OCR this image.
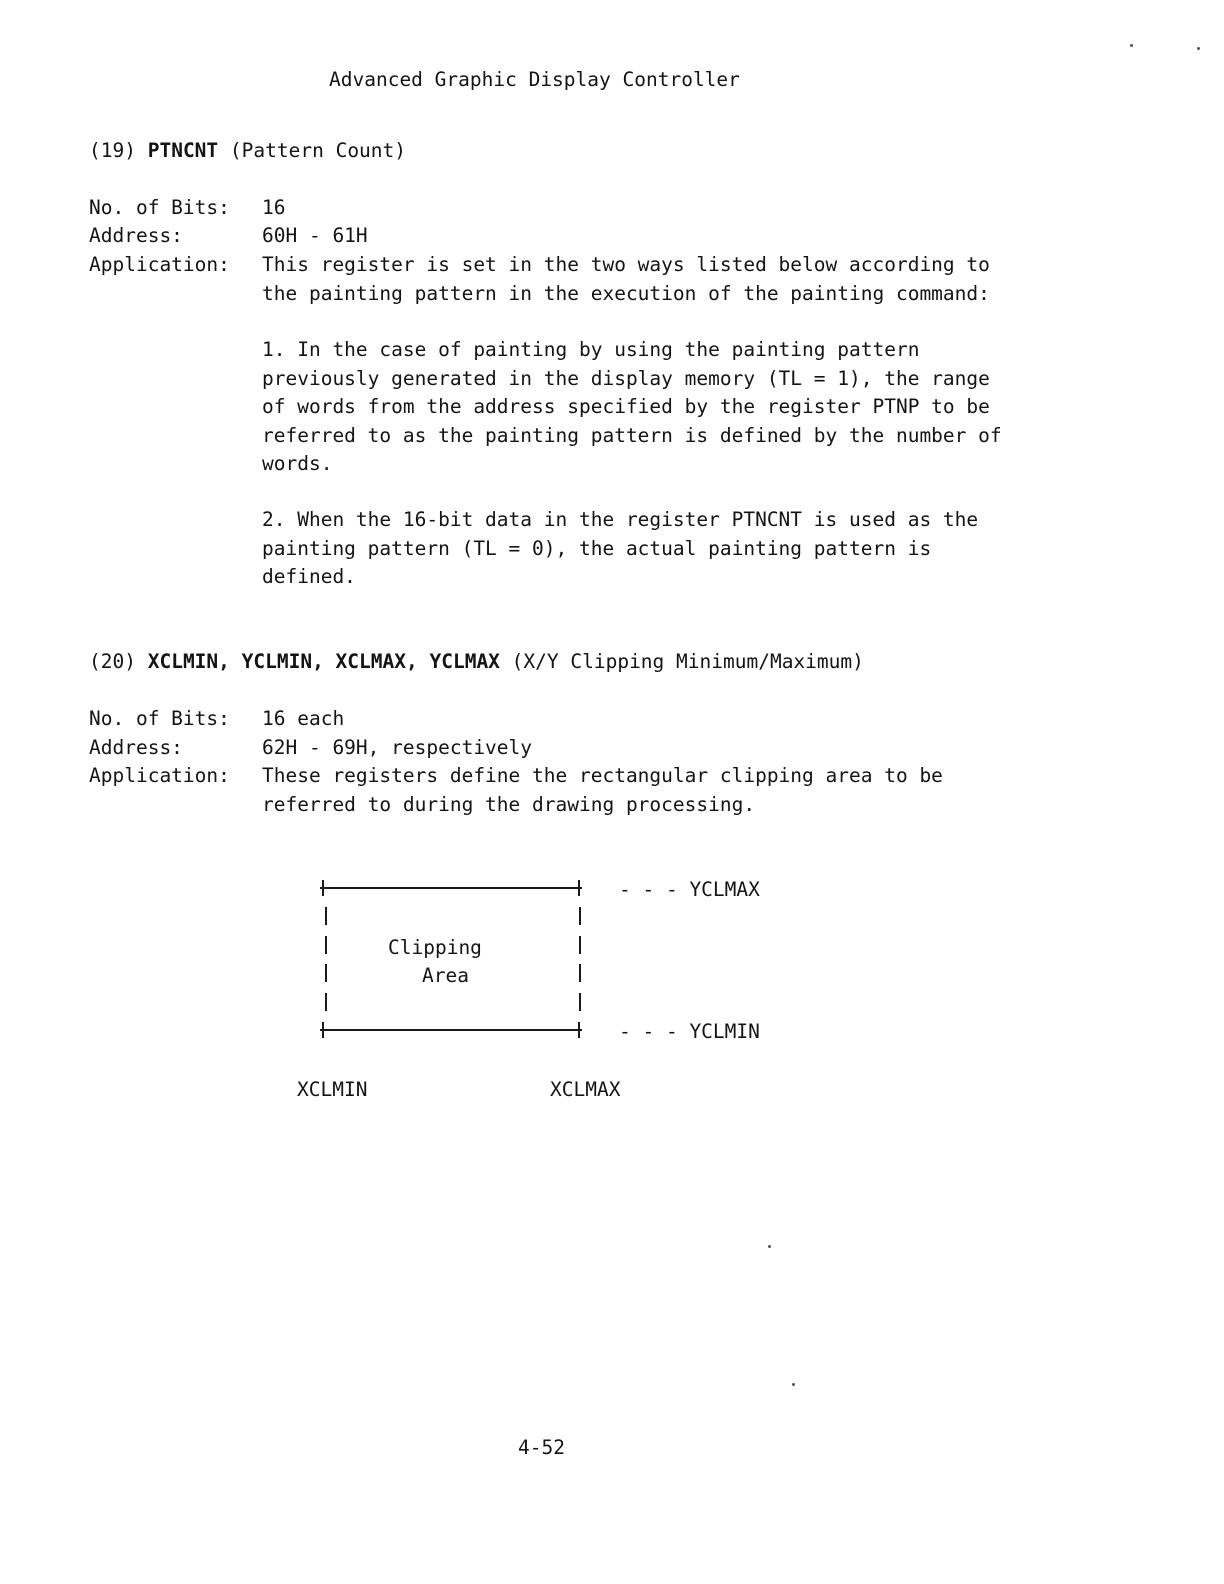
Advanced Graphic Display Controller
(19) PTNCNT (Pattern Count)
No. of Bits: 16
Address:	60H - 61H
Application: This register is set in the two ways listed below according to
the painting pattern in the execution of the painting command:
1. In the case of painting by using the painting pattern
previously generated in the display memory (TL = 1), the range
of words from the address specified by the register PTNP to be
referred to as the painting pattern is defined by the number of
words.
2. When the 16-bit data in the register PTNCNT is used as the
painting pattern (TL = 0), the actual painting pattern is
defined.
(20) XCLMIN, YCLMIN, XCLMAX, YCLMAX (X/Y Clipping Minimum/Maximum)
No. of Bits: 16 each
Address:	62H - 69H, respectively
Application: These registers define the rectangular clipping area to be
referred to during the drawing processing.
Clipping
Area
- - - YCLMAX
- - - YCLMIN
XCLMIN	XCLMAX
4-52
